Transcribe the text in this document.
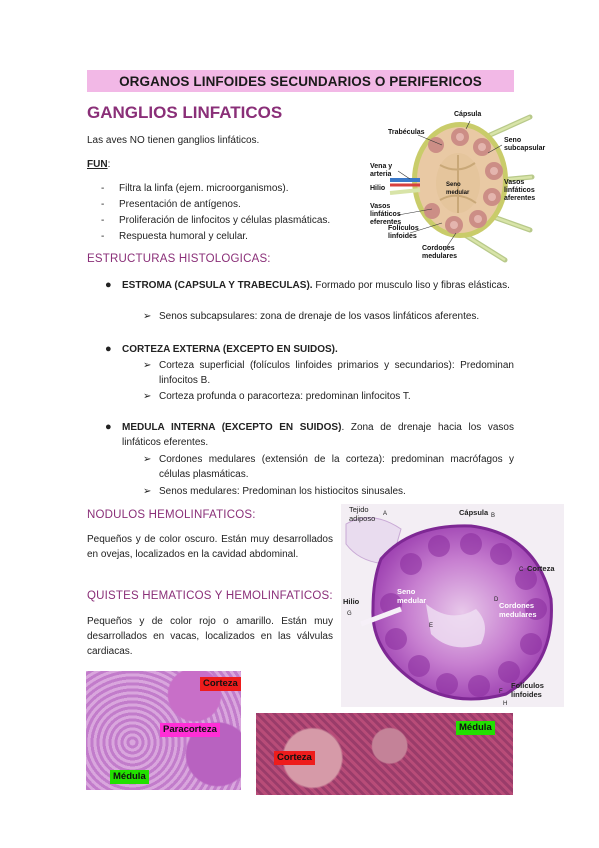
ORGANOS LINFOIDES SECUNDARIOS O PERIFERICOS
GANGLIOS LINFATICOS
Las aves NO tienen ganglios linfáticos.
FUN:
- Filtra la linfa (ejem. microorganismos).
- Presentación de antígenos.
- Proliferación de linfocitos y células plasmáticas.
- Respuesta humoral y celular.
Cápsula
Trabéculas
Seno subcapsular
Vena y arteria
Hilio	Seno medular
Vasos linfáticos aferentes
Vasos linfáticos eferentes
Folículos linfoides
Cordones medulares
ESTRUCTURAS HISTOLOGICAS:
● ESTROMA (CAPSULA Y TRABECULAS). Formado por musculo liso y fibras elásticas.
➢ Senos subcapsulares: zona de drenaje de los vasos linfáticos aferentes.
● CORTEZA EXTERNA (EXCEPTO EN SUIDOS).
➢ Corteza superficial (folículos linfoides primarios y secundarios): Predominan linfocitos B.
➢ Corteza profunda o paracorteza: predominan linfocitos T.
● MEDULA INTERNA (EXCEPTO EN SUIDOS). Zona de drenaje hacia los vasos linfáticos eferentes.
➢ Cordones medulares (extensión de la corteza): predominan macrófagos y células plasmáticas.
➢ Senos medulares: Predominan los histiocitos sinusales.
NODULOS HEMOLINFATICOS:
Pequeños y de color oscuro. Están muy desarrollados en ovejas, localizados en la cavidad abdominal.
QUISTES HEMATICOS Y HEMOLINFATICOS:
Pequeños y de color rojo o amarillo. Están muy desarrollados en vacas, localizados en las válvulas cardiacas.
Tejido adiposo A	Cápsula B
C Corteza
Hilio
G
Seno medular
E
D
Cordones medulares
Folículos linfoides
H
F
Corteza
Paracorteza
Médula
Médula
Corteza
